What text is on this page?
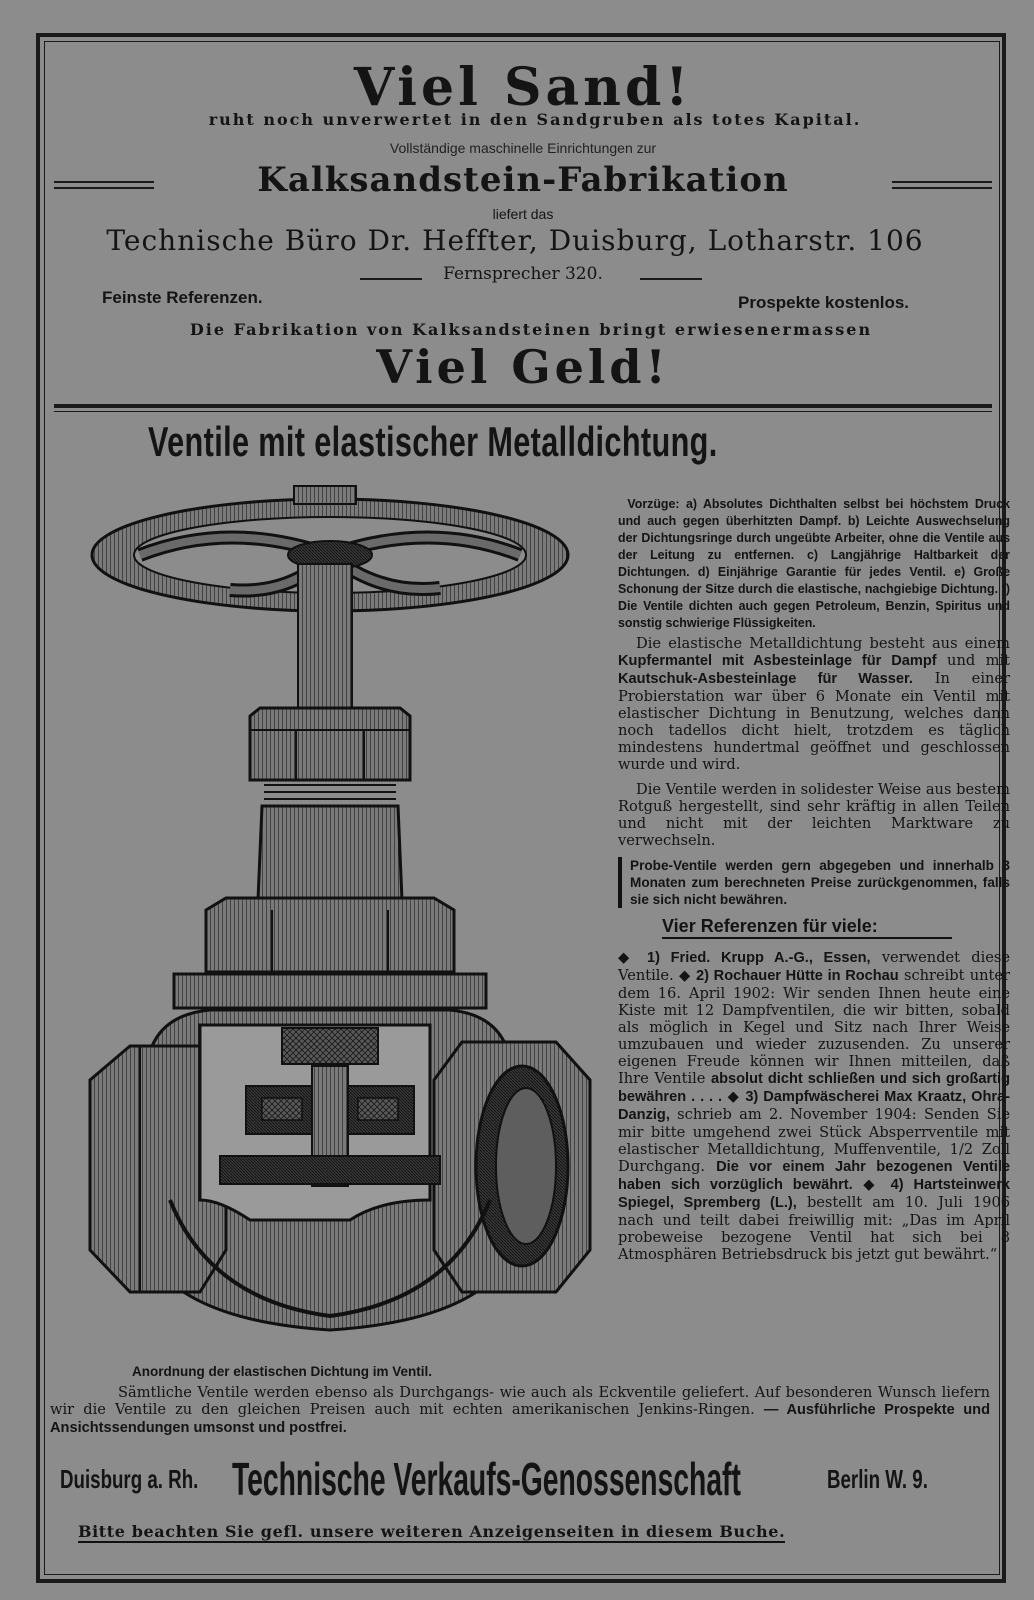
Viel Sand!
ruht noch unverwertet in den Sandgruben als totes Kapital.
Vollständige maschinelle Einrichtungen zur
Kalksandstein-Fabrikation
liefert das
Technische Büro Dr. Heffter, Duisburg, Lotharstr. 106
Fernsprecher 320.
Feinste Referenzen.	Prospekte kostenlos.
Die Fabrikation von Kalksandsteinen bringt erwiesenermassen
Viel Geld!
Ventile mit elastischer Metalldichtung.
Anordnung der elastischen Dichtung im Ventil.

Vorzüge: a) Absolutes Dichthalten selbst bei höchstem Druck und auch gegen überhitzten Dampf. b) Leichte Auswechselung der Dichtungsringe durch ungeübte Arbeiter, ohne die Ventile aus der Leitung zu entfernen. c) Langjährige Haltbarkeit der Dichtungen. d) Einjährige Garantie für jedes Ventil. e) Große Schonung der Sitze durch die elastische, nachgiebige Dichtung. f) Die Ventile dichten auch gegen Petroleum, Benzin, Spiritus und sonstig schwierige Flüssigkeiten.

Die elastische Metalldichtung besteht aus einem Kupfermantel mit Asbesteinlage für Dampf und mit Kautschuk-Asbesteinlage für Wasser. In einer Probierstation war über 6 Monate ein Ventil mit elastischer Dichtung in Benutzung, welches dann noch tadellos dicht hielt, trotzdem es täglich mindestens hundertmal geöffnet und geschlossen wurde und wird.

Die Ventile werden in solidester Weise aus bestem Rotguß hergestellt, sind sehr kräftig in allen Teilen und nicht mit der leichten Marktware zu verwechseln.

Probe-Ventile werden gern abgegeben und innerhalb 3 Monaten zum berechneten Preise zurückgenommen, falls sie sich nicht bewähren.

Vier Referenzen für viele:

◆ 1) Fried. Krupp A.-G., Essen, verwendet diese Ventile. ◆ 2) Rochauer Hütte in Rochau schreibt unter dem 16. April 1902: Wir senden Ihnen heute eine Kiste mit 12 Dampfventilen, die wir bitten, sobald als möglich in Kegel und Sitz nach Ihrer Weise umzubauen und wieder zuzusenden. Zu unserer eigenen Freude können wir Ihnen mitteilen, daß Ihre Ventile absolut dicht schließen und sich großartig bewähren . . . . ◆ 3) Dampfwäscherei Max Kraatz, Ohra-Danzig, schrieb am 2. November 1904: Senden Sie mir bitte umgehend zwei Stück Absperrventile mit elastischer Metalldichtung, Muffenventile, 1/2 Zoll Durchgang. Die vor einem Jahr bezogenen Ventile haben sich vorzüglich bewährt. ◆ 4) Hartsteinwerk Spiegel, Spremberg (L.), bestellt am 10. Juli 1906 nach und teilt dabei freiwillig mit: „Das im April probeweise bezogene Ventil hat sich bei 8 Atmosphären Betriebsdruck bis jetzt gut bewährt.“

Sämtliche Ventile werden ebenso als Durchgangs- wie auch als Eckventile geliefert. Auf besonderen Wunsch liefern wir die Ventile zu den gleichen Preisen auch mit echten amerikanischen Jenkins-Ringen. — Ausführliche Prospekte und Ansichtssendungen umsonst und postfrei.

Duisburg a. Rh. Technische Verkaufs-Genossenschaft	Berlin W. 9.
Bitte beachten Sie gefl. unsere weiteren Anzeigenseiten in diesem Buche.
